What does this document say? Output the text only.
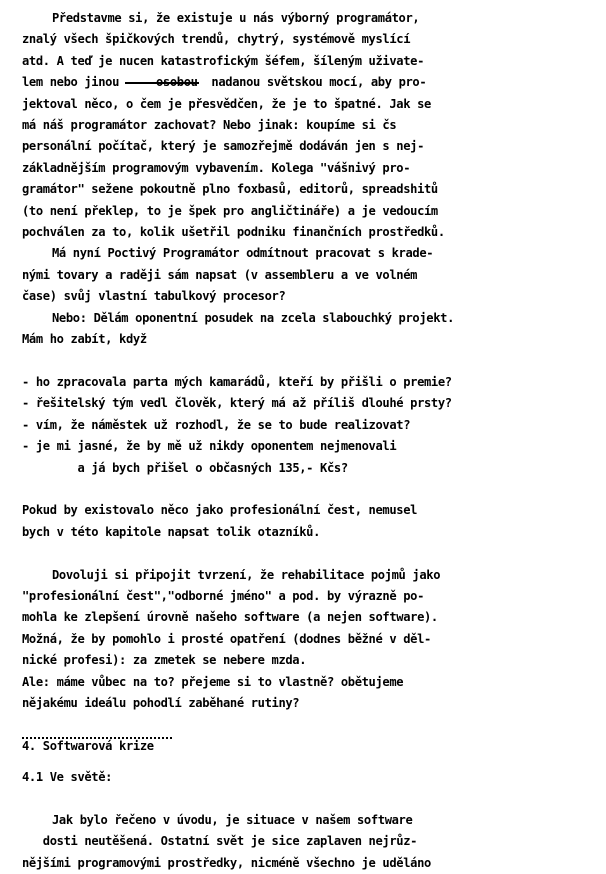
Představme si, že existuje u nás výborný programátor,
znalý všech špičkových trendů, chytrý, systémově myslící
atd. A teď je nucen katastrofickým šéfem, šíleným uživate-
lem nebo jinou osobou  nadanou světskou mocí, aby pro-
jektoval něco, o čem je přesvědčen, že je to špatné. Jak se
má náš programátor zachovat? Nebo jinak: koupíme si čs
personální počítač, který je samozřejmě dodáván jen s nej-
základnějším programovým vybavením. Kolega "vášnivý pro-
gramátor" sežene pokoutně plno foxbasů, editorů, spreadshitů
(to není překlep, to je špek pro angličtináře) a je vedoucím
pochválen za to, kolik ušetřil podniku finančních prostředků.

Má nyní Poctivý Programátor odmítnout pracovat s krade-
nými tovary a raději sám napsat (v assembleru a ve volném
čase) svůj vlastní tabulkový procesor?

Nebo: Dělám oponentní posudek na zcela slabouchký projekt.
Mám ho zabít, když

- ho zpracovala parta mých kamarádů, kteří by přišli o premie?
- řešitelský tým vedl člověk, který má až příliš dlouhé prsty?
- vím, že náměstek už rozhodl, že se to bude realizovat?
- je mi jasné, že by mě už nikdy oponentem nejmenovali
a já bych přišel o občasných 135,- Kčs?

Pokud by existovalo něco jako profesionální čest, nemusel
bych v této kapitole napsat tolik otazníků.

Dovoluji si připojit tvrzení, že rehabilitace pojmů jako
"profesionální čest","odborné jméno" a pod. by výrazně po-
mohla ke zlepšení úrovně našeho software (a nejen software).
Možná, že by pomohlo i prosté opatření (dodnes běžné v děl-
nické profesi): za zmetek se nebere mzda.
Ale: máme vůbec na to? přejeme si to vlastně? obětujeme
nějakému ideálu pohodlí zaběhané rutiny?

4. Softwarová krize

4.1 Ve světě:

Jak bylo řečeno v úvodu, je situace v našem software
dosti neutěšená. Ostatní svět je sice zaplaven nejrůz-
nějšími programovými prostředky, nicméně všechno je uděláno
